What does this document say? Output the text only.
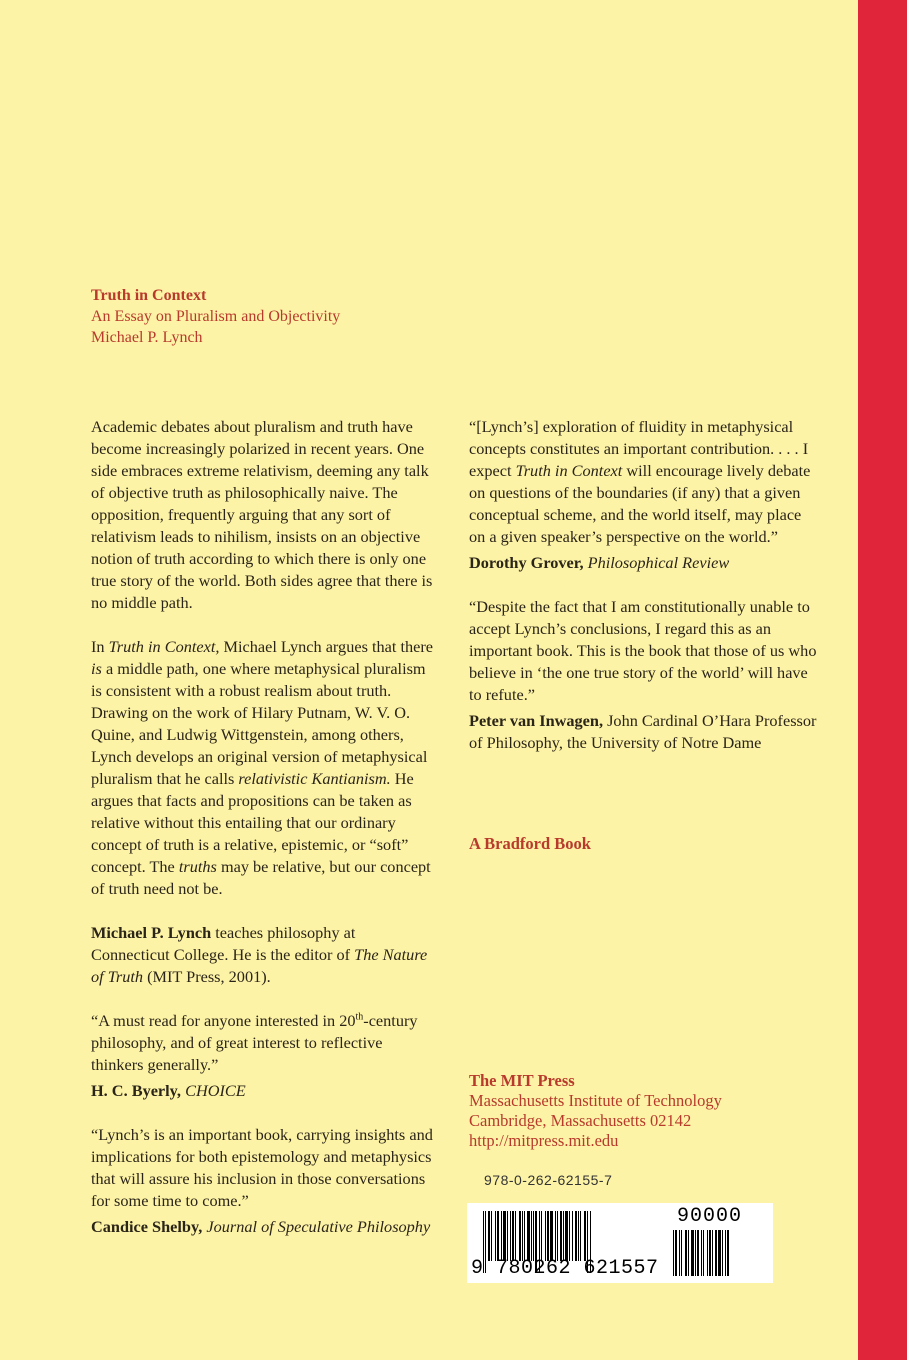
Truth in Context
An Essay on Pluralism and Objectivity
Michael P. Lynch

Academic debates about pluralism and truth have become increasingly polarized in recent years. One side embraces extreme relativism, deeming any talk of objective truth as philosophically naive. The opposition, frequently arguing that any sort of relativism leads to nihilism, insists on an objective notion of truth according to which there is only one true story of the world. Both sides agree that there is no middle path.

In Truth in Context, Michael Lynch argues that there is a middle path, one where metaphysical pluralism is consistent with a robust realism about truth. Drawing on the work of Hilary Putnam, W. V. O. Quine, and Ludwig Wittgenstein, among others, Lynch develops an original version of metaphysical pluralism that he calls relativistic Kantianism. He argues that facts and propositions can be taken as relative without this entailing that our ordinary concept of truth is a relative, epistemic, or “soft” concept. The truths may be relative, but our concept of truth need not be.

Michael P. Lynch teaches philosophy at Connecticut College. He is the editor of The Nature of Truth (MIT Press, 2001).

“A must read for anyone interested in 20th-century philosophy, and of great interest to reflective thinkers generally.”

H. C. Byerly, CHOICE

“Lynch’s is an important book, carrying insights and implications for both epistemology and metaphysics that will assure his inclusion in those conversations for some time to come.”

Candice Shelby, Journal of Speculative Philosophy

“[Lynch’s] exploration of fluidity in metaphysical concepts constitutes an important contribution. . . . I expect Truth in Context will encourage lively debate on questions of the boundaries (if any) that a given conceptual scheme, and the world itself, may place on a given speaker’s perspective on the world.”

Dorothy Grover, Philosophical Review

“Despite the fact that I am constitutionally unable to accept Lynch’s conclusions, I regard this as an important book. This is the book that those of us who believe in ‘the one true story of the world’ will have to refute.”

Peter van Inwagen, John Cardinal O’Hara Professor of Philosophy, the University of Notre Dame

A Bradford Book
The MIT Press
Massachusetts Institute of Technology
Cambridge, Massachusetts 02142
http://mitpress.mit.edu
978-0-262-62155-7
9 780262 621557
90000
